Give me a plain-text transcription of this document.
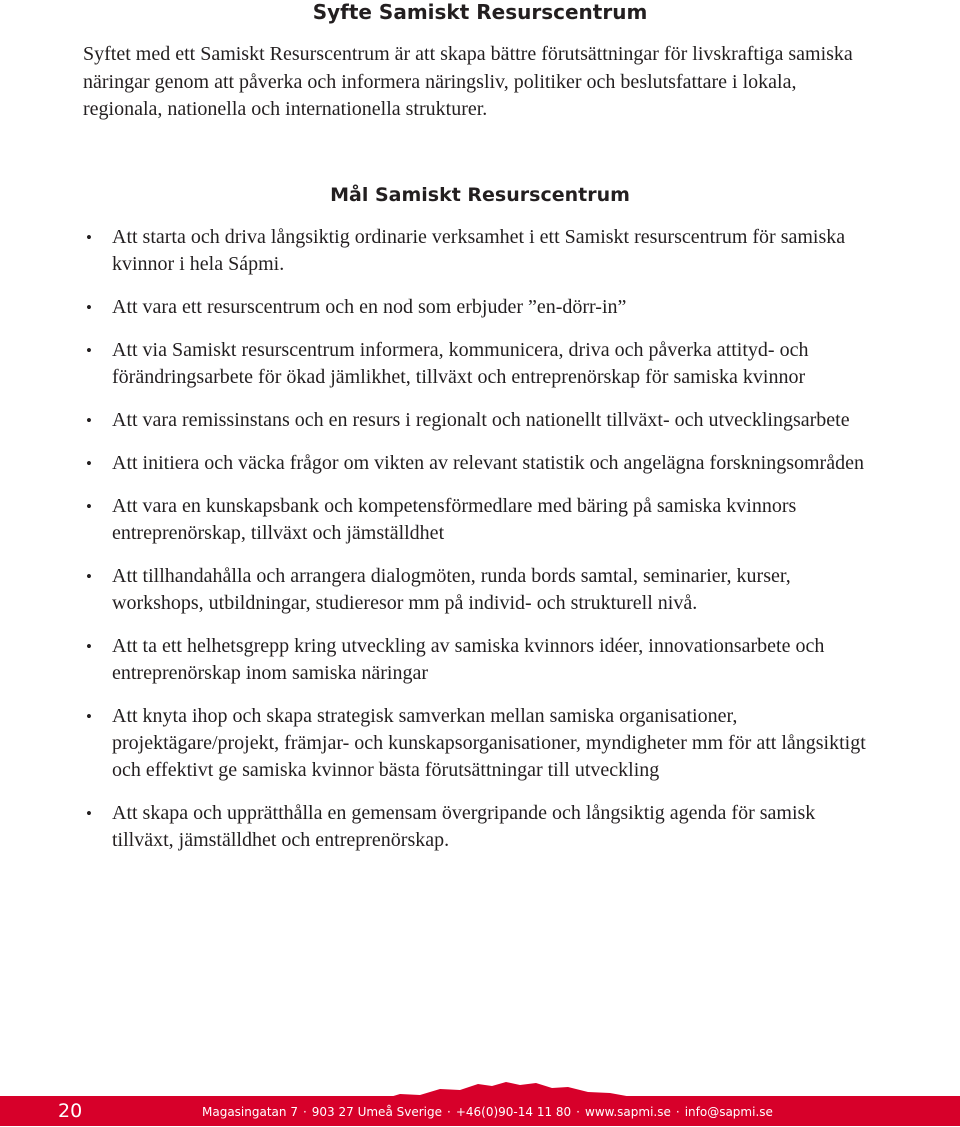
Syfte Samiskt Resurscentrum

Syftet med ett Samiskt Resurscentrum är att skapa bättre förutsättningar för livskraftiga samiska näringar genom att påverka och informera näringsliv, politiker och beslutsfattare i lokala, regionala, nationella och internationella strukturer.

Mål Samiskt Resurscentrum
• Att starta och driva långsiktig ordinarie verksamhet i ett Samiskt resurscentrum för samiska kvinnor i hela Sápmi.
• Att vara ett resurscentrum och en nod som erbjuder ”en-dörr-in”
• Att via Samiskt resurscentrum informera, kommunicera, driva och påverka attityd- och förändringsarbete för ökad jämlikhet, tillväxt och entreprenörskap för samiska kvinnor
• Att vara remissinstans och en resurs i regionalt och nationellt tillväxt- och utvecklingsarbete
• Att initiera och väcka frågor om vikten av relevant statistik och angelägna forskningsområden
• Att vara en kunskapsbank och kompetensförmedlare med bäring på samiska kvinnors entreprenörskap, tillväxt och jämställdhet
• Att tillhandahålla och arrangera dialogmöten, runda bords samtal, seminarier, kurser, workshops, utbildningar, studieresor mm på individ- och strukturell nivå.
• Att ta ett helhetsgrepp kring utveckling av samiska kvinnors idéer, innovationsarbete och entreprenörskap inom samiska näringar
• Att knyta ihop och skapa strategisk samverkan mellan samiska organisationer, projektägare/projekt, främjar- och kunskapsorganisationer, myndigheter mm för att långsiktigt och effektivt ge samiska kvinnor bästa förutsättningar till utveckling
• Att skapa och upprätthålla en gemensam övergripande och långsiktig agenda för samisk tillväxt, jämställdhet och entreprenörskap.
20	Magasingatan 7 · 903 27 Umeå Sverige · +46(0)90-14 11 80 · www.sapmi.se · info@sapmi.se
